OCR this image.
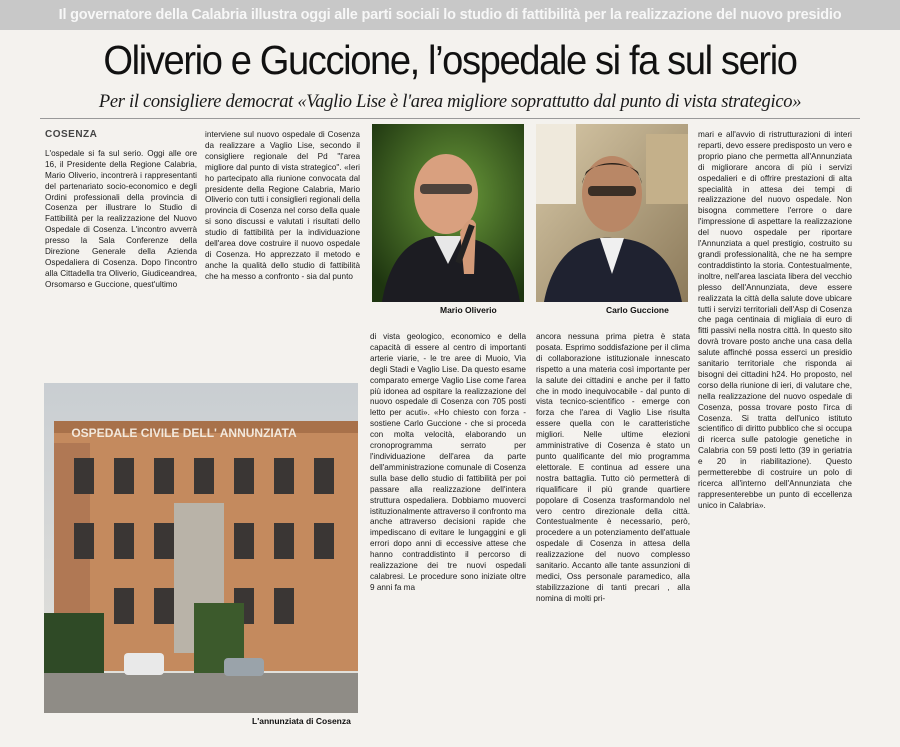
Il governatore della Calabria illustra oggi alle parti sociali lo studio di fattibilità per la realizzazione del nuovo presidio
Oliverio e Guccione, l’ospedale si fa sul serio
Per il consigliere democrat «Vaglio Lise è l'area migliore soprattutto dal punto di vista strategico»
COSENZA

L'ospedale si fa sul serio. Oggi alle ore 16, il Presidente della Regione Calabria, Mario Oliverio, incontrerà i rappresentanti del partenariato socio-economico e degli Ordini professionali della provincia di Cosenza per illustrare lo Studio di Fattibilità per la realizzazione del Nuovo Ospedale di Cosenza. L'incontro avverrà presso la Sala Conferenze della Direzione Generale della Azienda Ospedaliera di Cosenza. Dopo l'incontro alla Cittadella tra Oliverio, Giudiceandrea, Orsomarso e Guccione, quest'ultimo

interviene sul nuovo ospedale di Cosenza da realizzare a Vaglio Lise, secondo il consigliere regionale del Pd "l'area migliore dal punto di vista strategico". «Ieri ho partecipato alla riunione convocata dal presidente della Regione Calabria, Mario Oliverio con tutti i consiglieri regionali della provincia di Cosenza nel corso della quale si sono discussi e valutati i risultati dello studio di fattibilità per la individuazione dell'area dove costruire il nuovo ospedale di Cosenza. Ho apprezzato il metodo e anche la qualità dello studio di fattibilità che ha messo a confronto - sia dal punto

Mario Oliverio	Carlo Guccione

mari e all'avvio di ristrutturazioni di interi reparti, devo essere predisposto un vero e proprio piano che permetta all'Annunziata di migliorare ancora di più i servizi ospedalieri e di offrire prestazioni di alta specialità in attesa dei tempi di realizzazione del nuovo ospedale. Non bisogna commettere l'errore o dare l'impressione di aspettare la realizzazione del nuovo ospedale per riportare l'Annunziata a quel prestigio, costruito su grandi professionalità, che ne ha sempre contraddistinto la storia. Contestualmente, inoltre, nell'area lasciata libera del vecchio plesso dell'Annunziata, deve essere realizzata la città della salute dove ubicare tutti i servizi territoriali dell'Asp di Cosenza che paga centinaia di migliaia di euro di fitti passivi nella nostra città. In questo sito dovrà trovare posto anche una casa della salute affinché possa esserci un presidio sanitario territoriale che risponda ai bisogni dei cittadini h24. Ho proposto, nel corso della riunione di ieri, di valutare che, nella realizzazione del nuovo ospedale di Cosenza, possa trovare posto l'irca di Cosenza. Si tratta dell'unico istituto scientifico di diritto pubblico che si occupa di ricerca sulle patologie genetiche in Calabria con 59 posti letto (39 in geriatria e 20 in riabilitazione). Questo permetterebbe di costruire un polo di ricerca all'interno dell'Annunziata che rappresenterebbe un punto di eccellenza unico in Calabria».

OSPEDALE CIVILE DELL' ANNUNZIATA
L'annunziata di Cosenza

di vista geologico, economico e della capacità di essere al centro di importanti arterie viarie, - le tre aree di Muoio, Via degli Stadi e Vaglio Lise. Da questo esame comparato emerge Vaglio Lise come l'area più idonea ad ospitare la realizzazione del nuovo ospedale di Cosenza con 705 posti letto per acuti». «Ho chiesto con forza - sostiene Carlo Guccione - che si proceda con molta velocità, elaborando un cronoprogramma serrato per l'individuazione dell'area da parte dell'amministrazione comunale di Cosenza sulla base dello studio di fattibilità per poi passare alla realizzazione dell'intera struttura ospedaliera. Dobbiamo muoverci istituzionalmente attraverso il confronto ma anche attraverso decisioni rapide che impediscano di evitare le lungaggini e gli errori dopo anni di eccessive attese che hanno contraddistinto il percorso di realizzazione dei tre nuovi ospedali calabresi. Le procedure sono iniziate oltre 9 anni fa ma

ancora nessuna prima pietra è stata posata. Esprimo soddisfazione per il clima di collaborazione istituzionale innescato rispetto a una materia così importante per la salute dei cittadini e anche per il fatto che in modo inequivocabile - dal punto di vista tecnico-scientifico - emerge con forza che l'area di Vaglio Lise risulta essere quella con le caratteristiche migliori. Nelle ultime elezioni amministrative di Cosenza è stato un punto qualificante del mio programma elettorale. E continua ad essere una nostra battaglia. Tutto ciò permetterà di riqualificare il più grande quartiere popolare di Cosenza trasformandolo nel vero centro direzionale della città. Contestualmente è necessario, però, procedere a un potenziamento dell'attuale ospedale di Cosenza in attesa della realizzazione del nuovo complesso sanitario. Accanto alle tante assunzioni di medici, Oss personale paramedico, alla stabilizzazione di tanti precari , alla nomina di molti pri-
